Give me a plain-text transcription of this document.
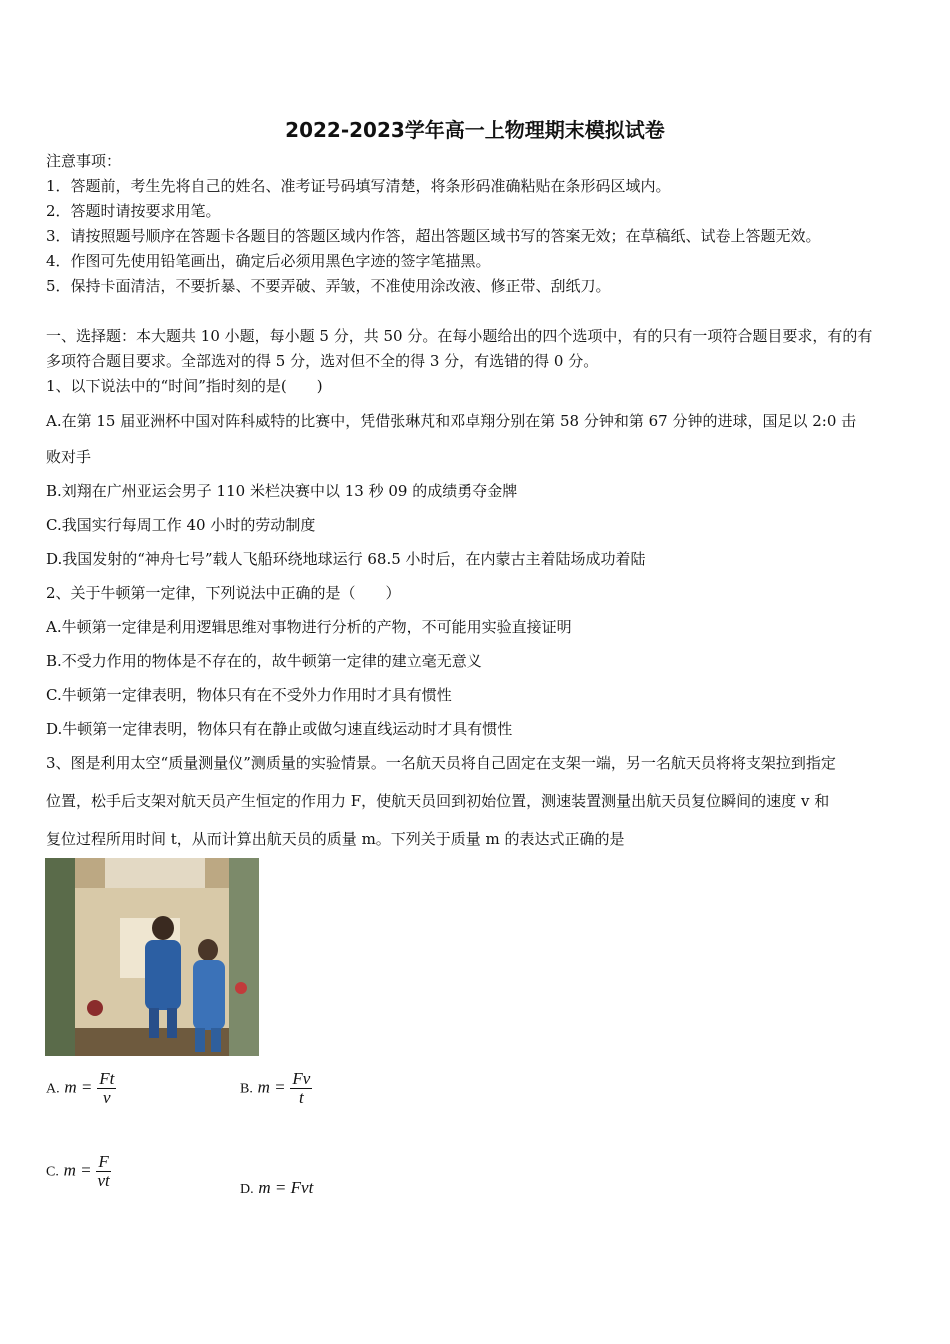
2022-2023学年高一上物理期末模拟试卷
注意事项：
1．答题前，考生先将自己的姓名、准考证号码填写清楚，将条形码准确粘贴在条形码区域内。
2．答题时请按要求用笔。
3．请按照题号顺序在答题卡各题目的答题区域内作答，超出答题区域书写的答案无效；在草稿纸、试卷上答题无效。
4．作图可先使用铅笔画出，确定后必须用黑色字迹的签字笔描黑。
5．保持卡面清洁，不要折暴、不要弄破、弄皱，不准使用涂改液、修正带、刮纸刀。
一、选择题：本大题共 10 小题，每小题 5 分，共 50 分。在每小题给出的四个选项中，有的只有一项符合题目要求，有的有
多项符合题目要求。全部选对的得 5 分，选对但不全的得 3 分，有选错的得 0 分。
1、以下说法中的“时间”指时刻的是(　　)
A.在第 15 届亚洲杯中国对阵科威特的比赛中，凭借张琳芃和邓卓翔分别在第 58 分钟和第 67 分钟的进球，国足以 2:0 击
败对手
B.刘翔在广州亚运会男子 110 米栏决赛中以 13 秒 09 的成绩勇夺金牌
C.我国实行每周工作 40 小时的劳动制度
D.我国发射的“神舟七号”载人飞船环绕地球运行 68.5 小时后，在内蒙古主着陆场成功着陆
2、关于牛顿第一定律，下列说法中正确的是（　　）
A.牛顿第一定律是利用逻辑思维对事物进行分析的产物，不可能用实验直接证明
B.不受力作用的物体是不存在的，故牛顿第一定律的建立毫无意义
C.牛顿第一定律表明，物体只有在不受外力作用时才具有惯性
D.牛顿第一定律表明，物体只有在静止或做匀速直线运动时才具有惯性
3、图是利用太空“质量测量仪”测质量的实验情景。一名航天员将自己固定在支架一端，另一名航天员将将支架拉到指定
位置，松手后支架对航天员产生恒定的作用力 F，使航天员回到初始位置，测速装置测量出航天员复位瞬间的速度 v 和
复位过程所用时间 t，从而计算出航天员的质量 m。下列关于质量 m 的表达式正确的是
A. $m = \frac{Ft}{v}$	B. $m = \frac{Fv}{t}$
C. $m = \frac{F}{vt}$	D. m = Fvt
